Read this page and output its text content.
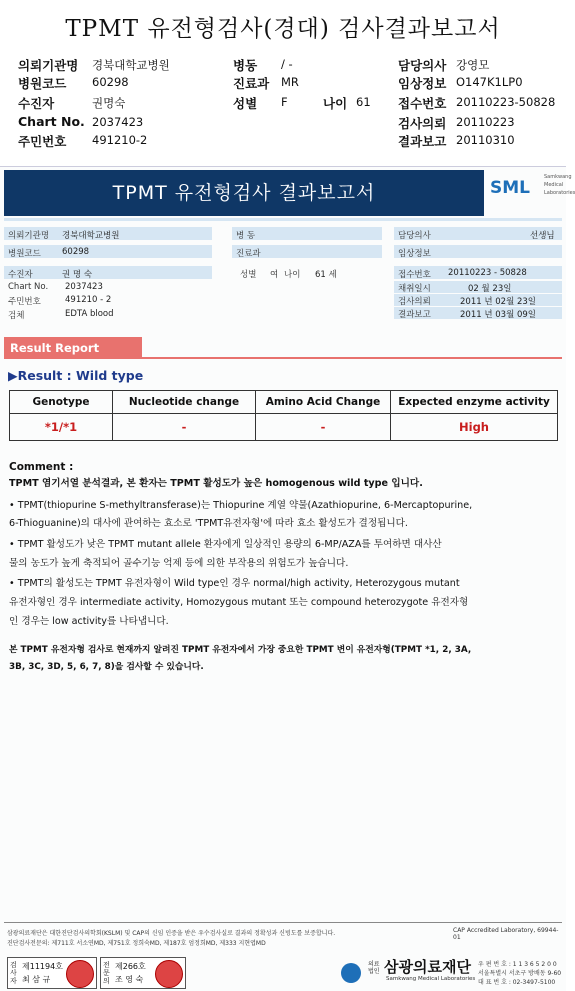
TPMT 유전형검사(경대) 검사결과보고서
의뢰기관명 경북대학교병원
병원코드 60298
수진자	권명숙
Chart No. 2037423
주민번호 491210-2
병동 / -
진료과 MR
성별 F	나이 61
담당의사 강영모
임상정보 O147K1LP0
접수번호 20110223-50828
검사의뢰 20110223
결과보고 20110310
TPMT 유전형검사 결과보고서	SML
Samkwang
Medical
Laboratories
의뢰기관명 경북대학교병원
병원코드 60298
수진자	권 명 숙
Chart No. 2037423
주민번호	491210 - 2
검체	EDTA blood
병 동
진료과
성별 여 나이 61 세
담당의사	선생님
임상정보
접수번호 20110223 - 50828
채취일시	02 월 23일
검사의뢰	2011 년 02월 23일
결과보고	2011 년 03월 09일
Result Report
▶Result : Wild type
Genotype	Nucleotide change	Amino Acid Change	Expected enzyme activity
*1/*1	-	-	High
Comment :
TPMT 염기서열 분석결과, 본 환자는 TPMT 활성도가 높은 homogenous wild type 입니다.
• TPMT(thiopurine S-methyltransferase)는 Thiopurine 계열 약물(Azathiopurine, 6-Mercaptopurine,
6-Thioguanine)의 대사에 관여하는 효소로 'TPMT유전자형'에 따라 효소 활성도가 결정됩니다.
• TPMT 활성도가 낮은 TPMT mutant allele 환자에게 일상적인 용량의 6-MP/AZA를 투여하면 대사산
물의 농도가 높게 축적되어 골수기능 억제 등에 의한 부작용의 위험도가 높습니다.
• TPMT의 활성도는 TPMT 유전자형이 Wild type인 경우 normal/high activity, Heterozygous mutant
유전자형인 경우 intermediate activity, Homozygous mutant 또는 compound heterozygote 유전자형
인 경우는 low activity를 나타냅니다.
본 TPMT 유전자형 검사로 현재까지 알려진 TPMT 유전자에서 가장 중요한 TPMT 변이 유전자형(TPMT *1, 2, 3A,
3B, 3C, 3D, 5, 6, 7, 8)을 검사할 수 있습니다.
삼광의료재단은 대한진단검사의학회(KSLM) 및 CAP의 신임 인증을 받은 우수검사실로 결과의 정확성과 신빙도를 보증합니다.
진단검사전문의: 제711호 서소연MD, 제751호 정희숙MD, 제187호 엄정희MD, 제333 지현엽MD
CAP Accredited Laboratory, 69944-01
검사자
제11194호
최 삼 규
전문의
제266호
조 영 숙
의료법인 삼광의료재단
Samkwang Medical Laboratories
우 편 번 호 : 1 1 3 6 5 2 0 0
서울특별시 서초구 방배동 9-60
대 표 번 호 : 02-3497-5100
